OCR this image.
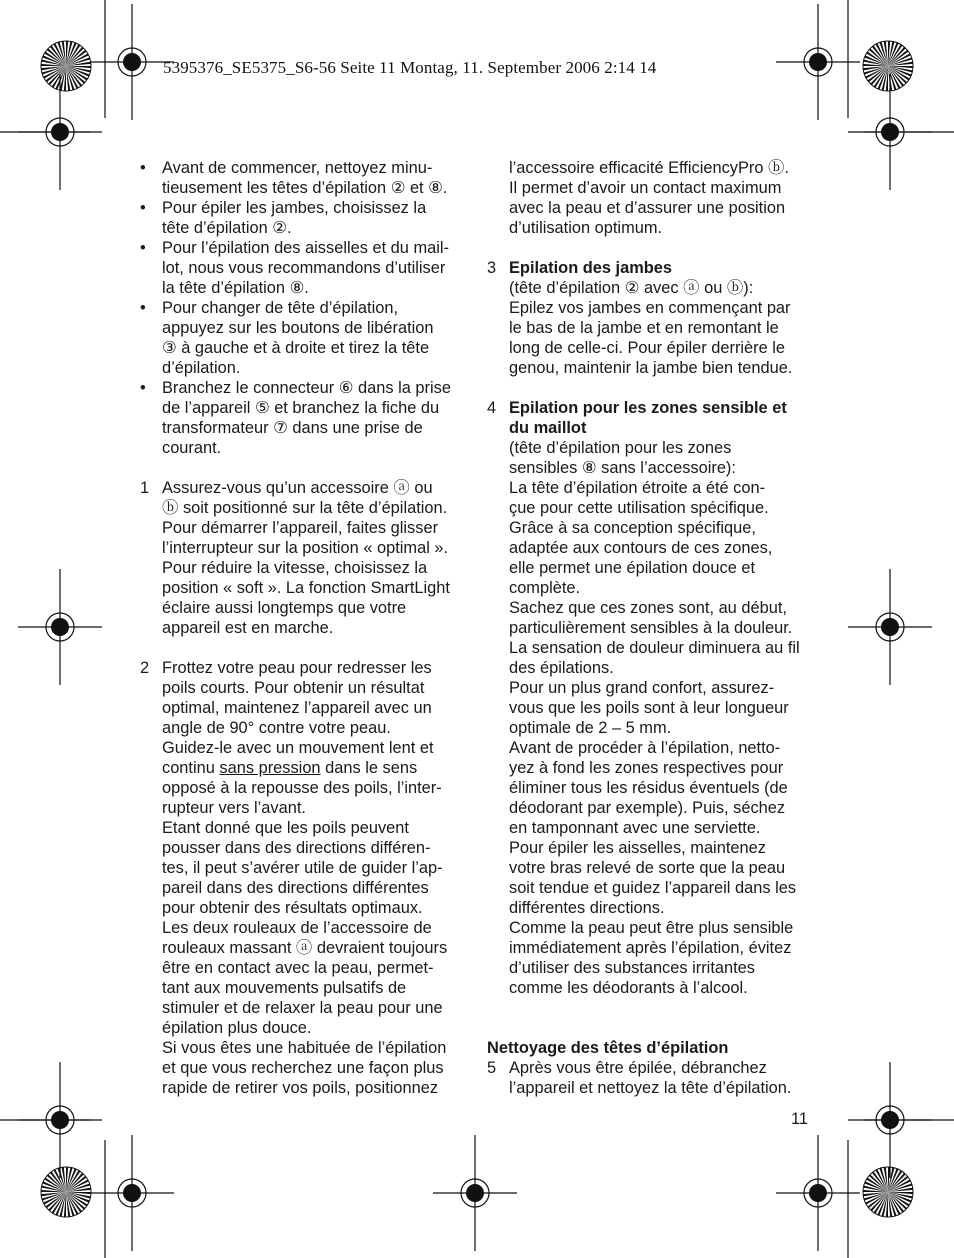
5395376_SE5375_S6-56 Seite 11 Montag, 11. September 2006 2:14 14
• Avant de commencer, nettoyez minu-
tieusement les têtes d’épilation ② et ⑧.
• Pour épiler les jambes, choisissez la
tête d’épilation ②.
• Pour l’épilation des aisselles et du mail-
lot, nous vous recommandons d’utiliser
la tête d’épilation ⑧.
• Pour changer de tête d’épilation,
appuyez sur les boutons de libération
③ à gauche et à droite et tirez la tête
d’épilation.
• Branchez le connecteur ⑥ dans la prise
de l’appareil ⑤ et branchez la fiche du
transformateur ⑦ dans une prise de
courant.
1 Assurez-vous qu’un accessoire ⓐ ou
ⓑ soit positionné sur la tête d’épilation.
Pour démarrer l’appareil, faites glisser
l’interrupteur sur la position « optimal ».
Pour réduire la vitesse, choisissez la
position « soft ». La fonction SmartLight
éclaire aussi longtemps que votre
appareil est en marche.
2 Frottez votre peau pour redresser les
poils courts. Pour obtenir un résultat
optimal, maintenez l’appareil avec un
angle de 90° contre votre peau.
Guidez-le avec un mouvement lent et
continu sans pression dans le sens
opposé à la repousse des poils, l’inter-
rupteur vers l’avant.
Etant donné que les poils peuvent
pousser dans des directions différen-
tes, il peut s’avérer utile de guider l’ap-
pareil dans des directions différentes
pour obtenir des résultats optimaux.
Les deux rouleaux de l’accessoire de
rouleaux massant ⓐ devraient toujours
être en contact avec la peau, permet-
tant aux mouvements pulsatifs de
stimuler et de relaxer la peau pour une
épilation plus douce.
Si vous êtes une habituée de l’épilation
et que vous recherchez une façon plus
rapide de retirer vos poils, positionnez
l’accessoire efficacité EfficiencyPro ⓑ.
Il permet d’avoir un contact maximum
avec la peau et d’assurer une position
d’utilisation optimum.
3 Epilation des jambes
(tête d’épilation ② avec ⓐ ou ⓑ):
Epilez vos jambes en commençant par
le bas de la jambe et en remontant le
long de celle-ci. Pour épiler derrière le
genou, maintenir la jambe bien tendue.
4 Epilation pour les zones sensible et
du maillot
(tête d’épilation pour les zones
sensibles ⑧ sans l’accessoire):
La tête d’épilation étroite a été con-
çue pour cette utilisation spécifique.
Grâce à sa conception spécifique,
adaptée aux contours de ces zones,
elle permet une épilation douce et
complète.
Sachez que ces zones sont, au début,
particulièrement sensibles à la douleur.
La sensation de douleur diminuera au fil
des épilations.
Pour un plus grand confort, assurez-
vous que les poils sont à leur longueur
optimale de 2 – 5 mm.
Avant de procéder à l’épilation, netto-
yez à fond les zones respectives pour
éliminer tous les résidus éventuels (de
déodorant par exemple). Puis, séchez
en tamponnant avec une serviette.
Pour épiler les aisselles, maintenez
votre bras relevé de sorte que la peau
soit tendue et guidez l’appareil dans les
différentes directions.
Comme la peau peut être plus sensible
immédiatement après l’épilation, évitez
d’utiliser des substances irritantes
comme les déodorants à l’alcool.
Nettoyage des têtes d’épilation
5 Après vous être épilée, débranchez
l’appareil et nettoyez la tête d’épilation.
11
